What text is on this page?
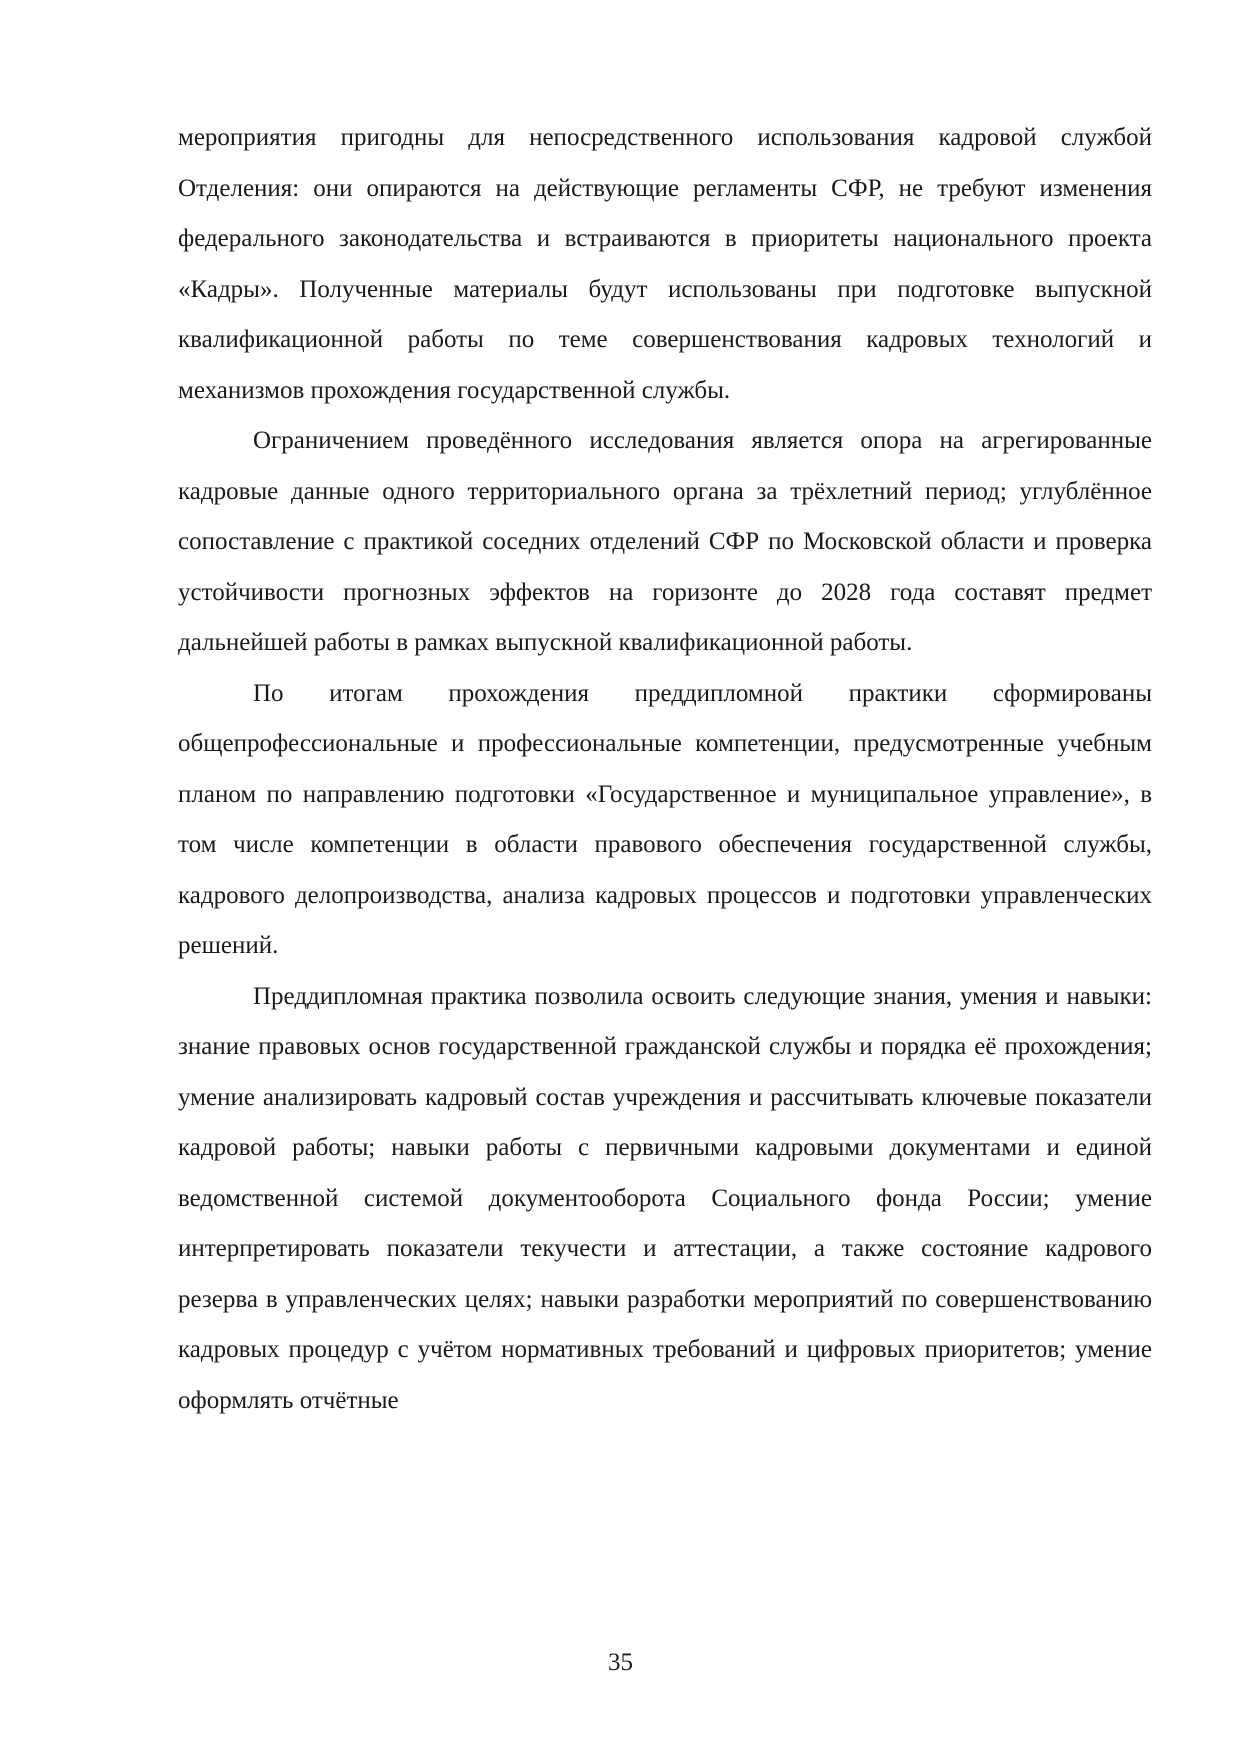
мероприятия пригодны для непосредственного использования кадровой службой Отделения: они опираются на действующие регламенты СФР, не требуют изменения федерального законодательства и встраиваются в приоритеты национального проекта «Кадры». Полученные материалы будут использованы при подготовке выпускной квалификационной работы по теме совершенствования кадровых технологий и механизмов прохождения государственной службы.

Ограничением проведённого исследования является опора на агрегированные кадровые данные одного территориального органа за трёхлетний период; углублённое сопоставление с практикой соседних отделений СФР по Московской области и проверка устойчивости прогнозных эффектов на горизонте до 2028 года составят предмет дальнейшей работы в рамках выпускной квалификационной работы.

По итогам прохождения преддипломной практики сформированы общепрофессиональные и профессиональные компетенции, предусмотренные учебным планом по направлению подготовки «Государственное и муниципальное управление», в том числе компетенции в области правового обеспечения государственной службы, кадрового делопроизводства, анализа кадровых процессов и подготовки управленческих решений.

Преддипломная практика позволила освоить следующие знания, умения и навыки: знание правовых основ государственной гражданской службы и порядка её прохождения; умение анализировать кадровый состав учреждения и рассчитывать ключевые показатели кадровой работы; навыки работы с первичными кадровыми документами и единой ведомственной системой документооборота Социального фонда России; умение интерпретировать показатели текучести и аттестации, а также состояние кадрового резерва в управленческих целях; навыки разработки мероприятий по совершенствованию кадровых процедур с учётом нормативных требований и цифровых приоритетов; умение оформлять отчётные

35
